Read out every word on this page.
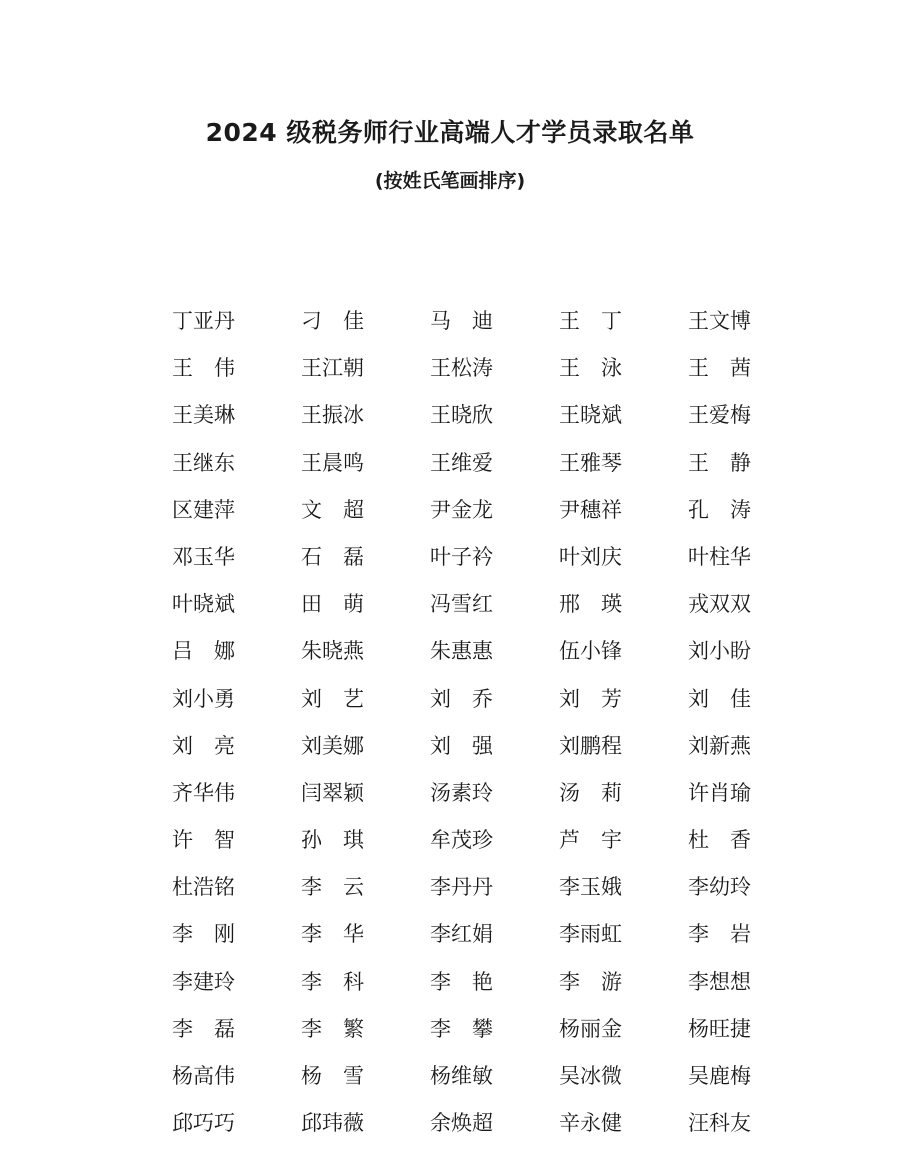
2024 级税务师行业高端人才学员录取名单
(按姓氏笔画排序)
丁亚丹	刁　佳	马　迪	王　丁	王文博
王　伟	王江朝	王松涛	王　泳	王　茜
王美琳	王振冰	王晓欣	王晓斌	王爱梅
王继东	王晨鸣	王维爱	王雅琴	王　静
区建萍	文　超	尹金龙	尹穗祥	孔　涛
邓玉华	石　磊	叶子衿	叶刘庆	叶柱华
叶晓斌	田　萌	冯雪红	邢　瑛	戎双双
吕　娜	朱晓燕	朱惠惠	伍小锋	刘小盼
刘小勇	刘　艺	刘　乔	刘　芳	刘　佳
刘　亮	刘美娜	刘　强	刘鹏程	刘新燕
齐华伟	闫翠颖	汤素玲	汤　莉	许肖瑜
许　智	孙　琪	牟茂珍	芦　宇	杜　香
杜浩铭	李　云	李丹丹	李玉娥	李幼玲
李　刚	李　华	李红娟	李雨虹	李　岩
李建玲	李　科	李　艳	李　游	李想想
李　磊	李　繁	李　攀	杨丽金	杨旺捷
杨高伟	杨　雪	杨维敏	吴冰微	吴鹿梅
邱巧巧	邱玮薇	余焕超	辛永健	汪科友
